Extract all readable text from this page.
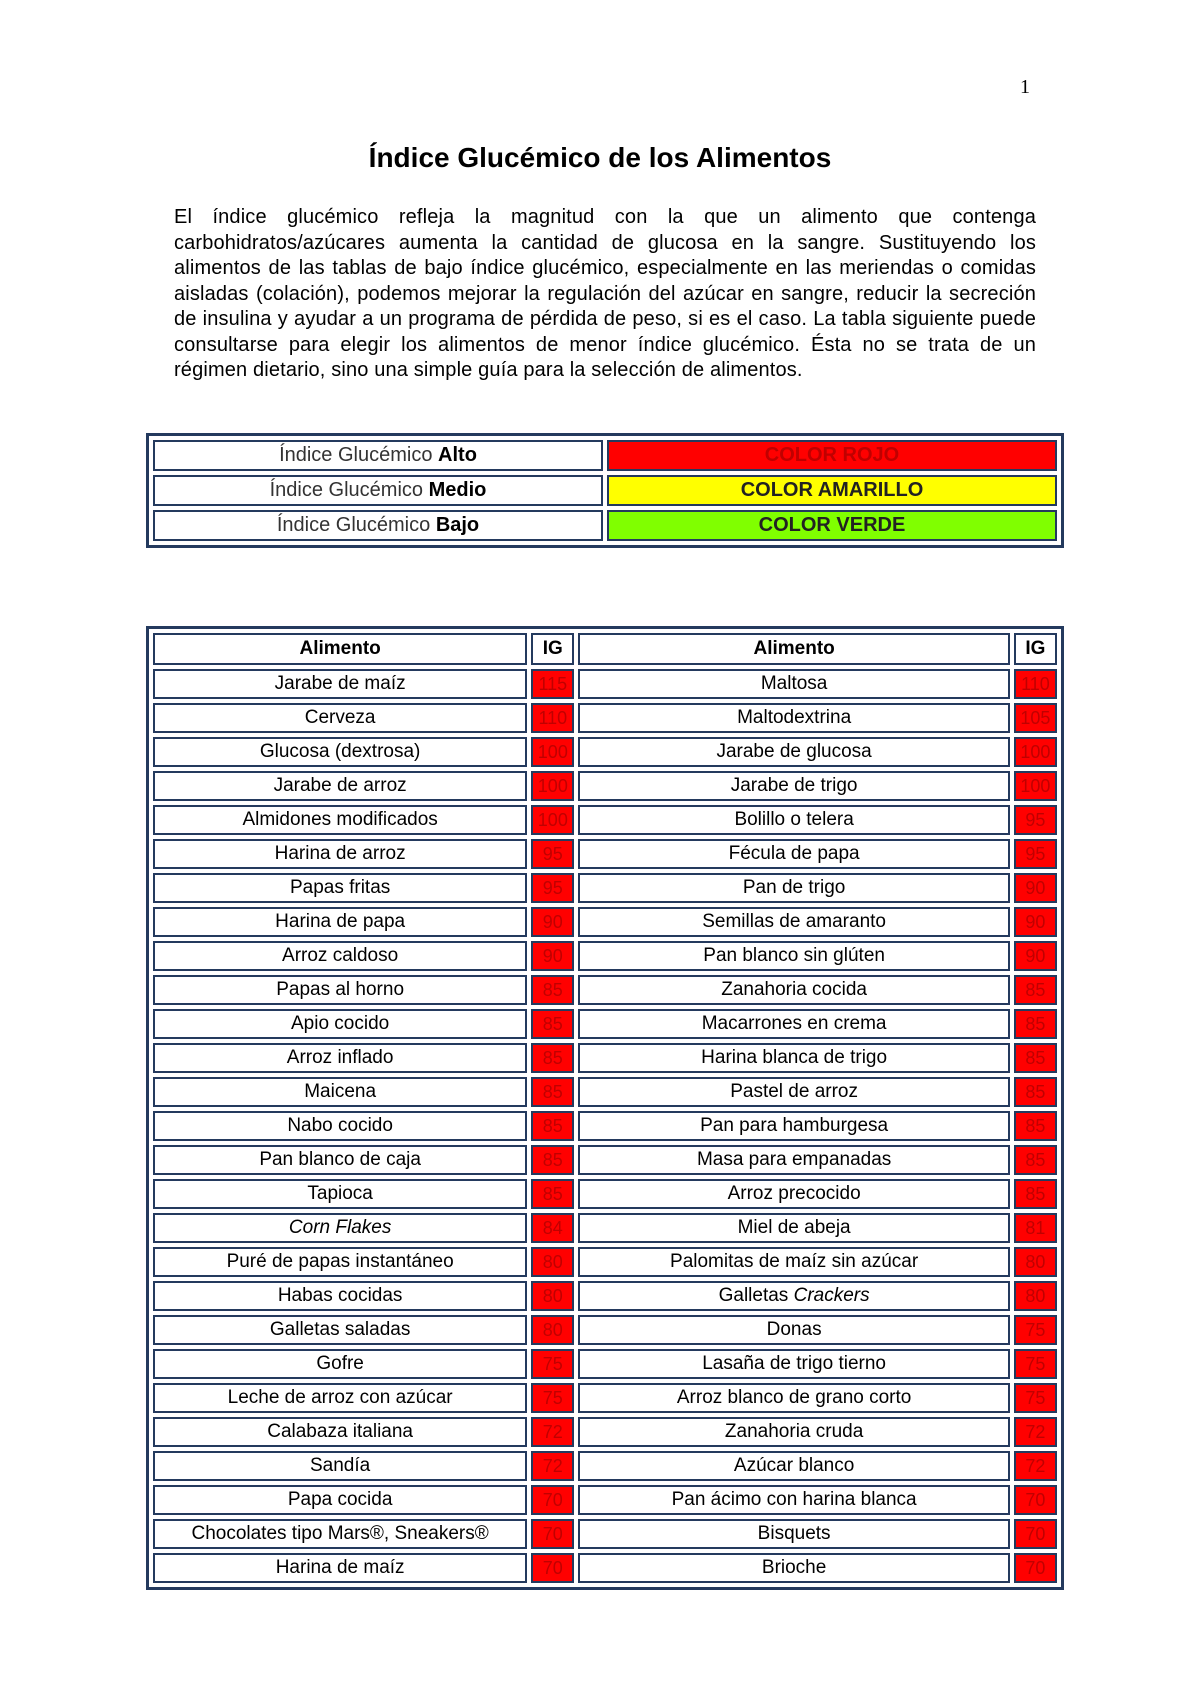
1
Índice Glucémico de los Alimentos

El índice glucémico refleja la magnitud con la que un alimento que contenga carbohidratos/azúcares aumenta la cantidad de glucosa en la sangre. Sustituyendo los alimentos de las tablas de bajo índice glucémico, especialmente en las meriendas o comidas aisladas (colación), podemos mejorar la regulación del azúcar en sangre, reducir la secreción de insulina y ayudar a un programa de pérdida de peso, si es el caso. La tabla siguiente puede consultarse para elegir los alimentos de menor índice glucémico. Ésta no se trata de un régimen dietario, sino una simple guía para la selección de alimentos.

Índice Glucémico Alto	COLOR ROJO
Índice Glucémico Medio	COLOR AMARILLO
Índice Glucémico Bajo	COLOR VERDE
Alimento	IG	Alimento	IG
Jarabe de maíz	115	Maltosa	110
Cerveza	110	Maltodextrina	105
Glucosa (dextrosa)	100	Jarabe de glucosa	100
Jarabe de arroz	100	Jarabe de trigo	100
Almidones modificados	100	Bolillo o telera	95
Harina de arroz	95	Fécula de papa	95
Papas fritas	95	Pan de trigo	90
Harina de papa	90	Semillas de amaranto	90
Arroz caldoso	90	Pan blanco sin glúten	90
Papas al horno	85	Zanahoria cocida	85
Apio cocido	85	Macarrones en crema	85
Arroz inflado	85	Harina blanca de trigo	85
Maicena	85	Pastel de arroz	85
Nabo cocido	85	Pan para hamburgesa	85
Pan blanco de caja	85	Masa para empanadas	85
Tapioca	85	Arroz precocido	85
Corn Flakes	84	Miel de abeja	81
Puré de papas instantáneo	80	Palomitas de maíz sin azúcar	80
Habas cocidas	80	Galletas Crackers	80
Galletas saladas	80	Donas	75
Gofre	75	Lasaña de trigo tierno	75
Leche de arroz con azúcar	75	Arroz blanco de grano corto	75
Calabaza italiana	72	Zanahoria cruda	72
Sandía	72	Azúcar blanco	72
Papa cocida	70	Pan ácimo con harina blanca	70
Chocolates tipo Mars®, Sneakers®	70	Bisquets	70
Harina de maíz	70	Brioche	70
